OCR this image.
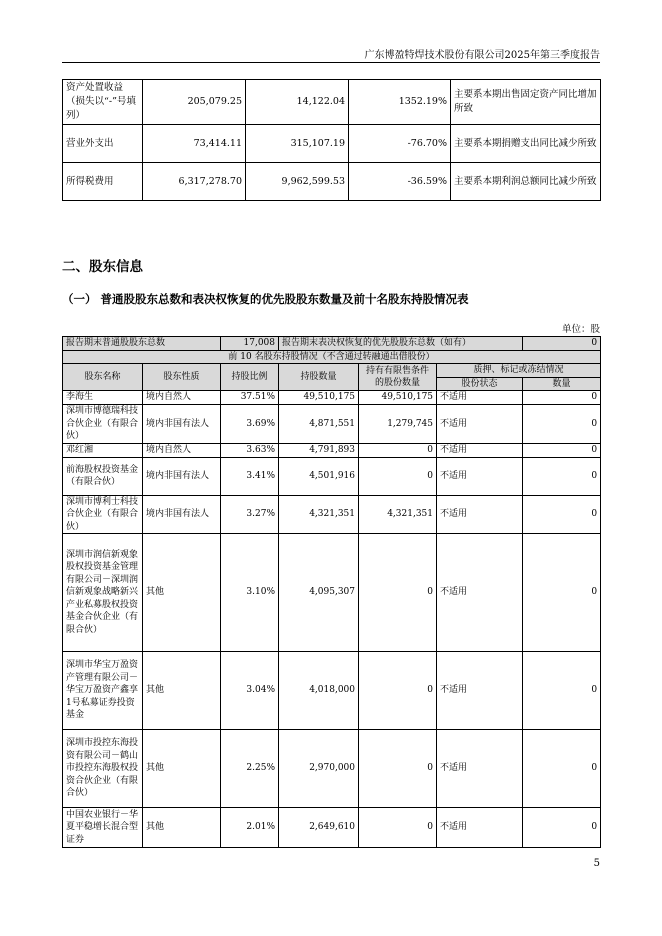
广东博盈特焊技术股份有限公司2025年第三季度报告
资产处置收益（损失以“-”号填列）	205,079.25	14,122.04	1352.19%	主要系本期出售固定资产同比增加所致
营业外支出	73,414.11	315,107.19	-76.70%	主要系本期捐赠支出同比减少所致
所得税费用	6,317,278.70	9,962,599.53	-36.59%	主要系本期利润总额同比减少所致
二、股东信息
（一） 普通股股东总数和表决权恢复的优先股股东数量及前十名股东持股情况表
单位：股
报告期末普通股股东总数		17,008	报告期末表决权恢复的优先股股东总数（如有）			0
前 10 名股东持股情况（不含通过转融通出借股份）						
股东名称	股东性质	持股比例	持股数量	持有有限售条件的股份数量	质押、标记或冻结情况	
					股份状态	数量
李海生	境内自然人	37.51%	49,510,175	49,510,175	不适用	0
深圳市博德瑞科技合伙企业（有限合伙）	境内非国有法人	3.69%	4,871,551	1,279,745	不适用	0
邓红湘	境内自然人	3.63%	4,791,893	0	不适用	0
前海股权投资基金（有限合伙）	境内非国有法人	3.41%	4,501,916	0	不适用	0
深圳市博利士科技合伙企业（有限合伙）	境内非国有法人	3.27%	4,321,351	4,321,351	不适用	0
深圳市润信新观象股权投资基金管理有限公司－深圳润信新观象战略新兴产业私募股权投资基金合伙企业（有限合伙）	其他	3.10%	4,095,307	0	不适用	0
深圳市华宝万盈资产管理有限公司－华宝万盈资产鑫享1号私募证券投资基金	其他	3.04%	4,018,000	0	不适用	0
深圳市投控东海投资有限公司－鹤山市投控东海股权投资合伙企业（有限合伙）	其他	2.25%	2,970,000	0	不适用	0
中国农业银行－华夏平稳增长混合型证券	其他	2.01%	2,649,610	0	不适用	0
5
